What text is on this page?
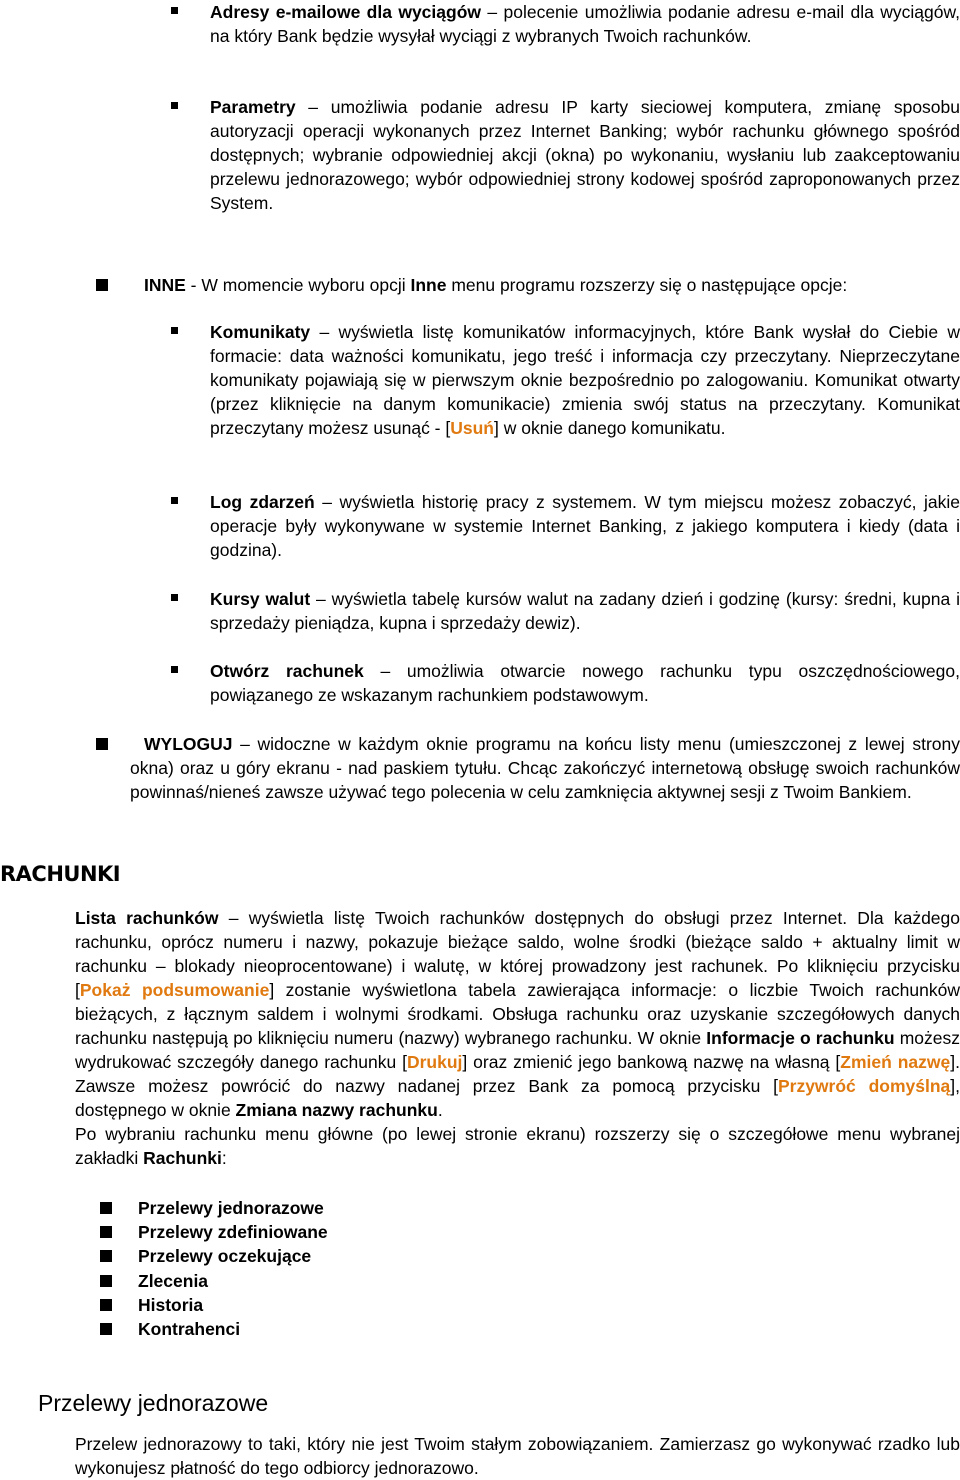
Adresy e-mailowe dla wyciągów – polecenie umożliwia podanie adresu e-mail dla wyciągów, na który Bank będzie wysyłał wyciągi z wybranych Twoich rachunków.

Parametry – umożliwia podanie adresu IP karty sieciowej komputera, zmianę sposobu autoryzacji operacji wykonanych przez Internet Banking; wybór rachunku głównego spośród dostępnych; wybranie odpowiedniej akcji (okna) po wykonaniu, wysłaniu lub zaakceptowaniu przelewu jednorazowego; wybór odpowiedniej strony kodowej spośród zaproponowanych przez System.

INNE - W momencie wyboru opcji Inne menu programu rozszerzy się o następujące opcje:

Komunikaty – wyświetla listę komunikatów informacyjnych, które Bank wysłał do Ciebie w formacie: data ważności komunikatu, jego treść i informacja czy przeczytany. Nieprzeczytane komunikaty pojawiają się w pierwszym oknie bezpośrednio po zalogowaniu. Komunikat otwarty (przez kliknięcie na danym komunikacie) zmienia swój status na przeczytany. Komunikat przeczytany możesz usunąć - [Usuń] w oknie danego komunikatu.

Log zdarzeń – wyświetla historię pracy z systemem. W tym miejscu możesz zobaczyć, jakie operacje były wykonywane w systemie Internet Banking, z jakiego komputera i kiedy (data i godzina).

Kursy walut – wyświetla tabelę kursów walut na zadany dzień i godzinę (kursy: średni, kupna i sprzedaży pieniądza, kupna i sprzedaży dewiz).

Otwórz rachunek – umożliwia otwarcie nowego rachunku typu oszczędnościowego, powiązanego ze wskazanym rachunkiem podstawowym.

WYLOGUJ – widoczne w każdym oknie programu na końcu listy menu (umieszczonej z lewej strony okna) oraz u góry ekranu - nad paskiem tytułu. Chcąc zakończyć internetową obsługę swoich rachunków powinnaś/nieneś zawsze używać tego polecenia w celu zamknięcia aktywnej sesji z Twoim Bankiem.

RACHUNKI

Lista rachunków – wyświetla listę Twoich rachunków dostępnych do obsługi przez Internet. Dla każdego rachunku, oprócz numeru i nazwy, pokazuje bieżące saldo, wolne środki (bieżące saldo + aktualny limit w rachunku – blokady nieoprocentowane) i walutę, w której prowadzony jest rachunek. Po kliknięciu przycisku [Pokaż podsumowanie] zostanie wyświetlona tabela zawierająca informacje: o liczbie Twoich rachunków bieżących, z łącznym saldem i wolnymi środkami. Obsługa rachunku oraz uzyskanie szczegółowych danych rachunku następują po kliknięciu numeru (nazwy) wybranego rachunku. W oknie Informacje o rachunku możesz wydrukować szczegóły danego rachunku [Drukuj] oraz zmienić jego bankową nazwę na własną [Zmień nazwę]. Zawsze możesz powrócić do nazwy nadanej przez Bank za pomocą przycisku [Przywróć domyślną], dostępnego w oknie Zmiana nazwy rachunku.

Po wybraniu rachunku menu główne (po lewej stronie ekranu) rozszerzy się o szczegółowe menu wybranej zakładki Rachunki:

Przelewy jednorazowe
Przelewy zdefiniowane
Przelewy oczekujące
Zlecenia
Historia
Kontrahenci
Przelewy jednorazowe

Przelew jednorazowy to taki, który nie jest Twoim stałym zobowiązaniem. Zamierzasz go wykonywać rzadko lub wykonujesz płatność do tego odbiorcy jednorazowo.
